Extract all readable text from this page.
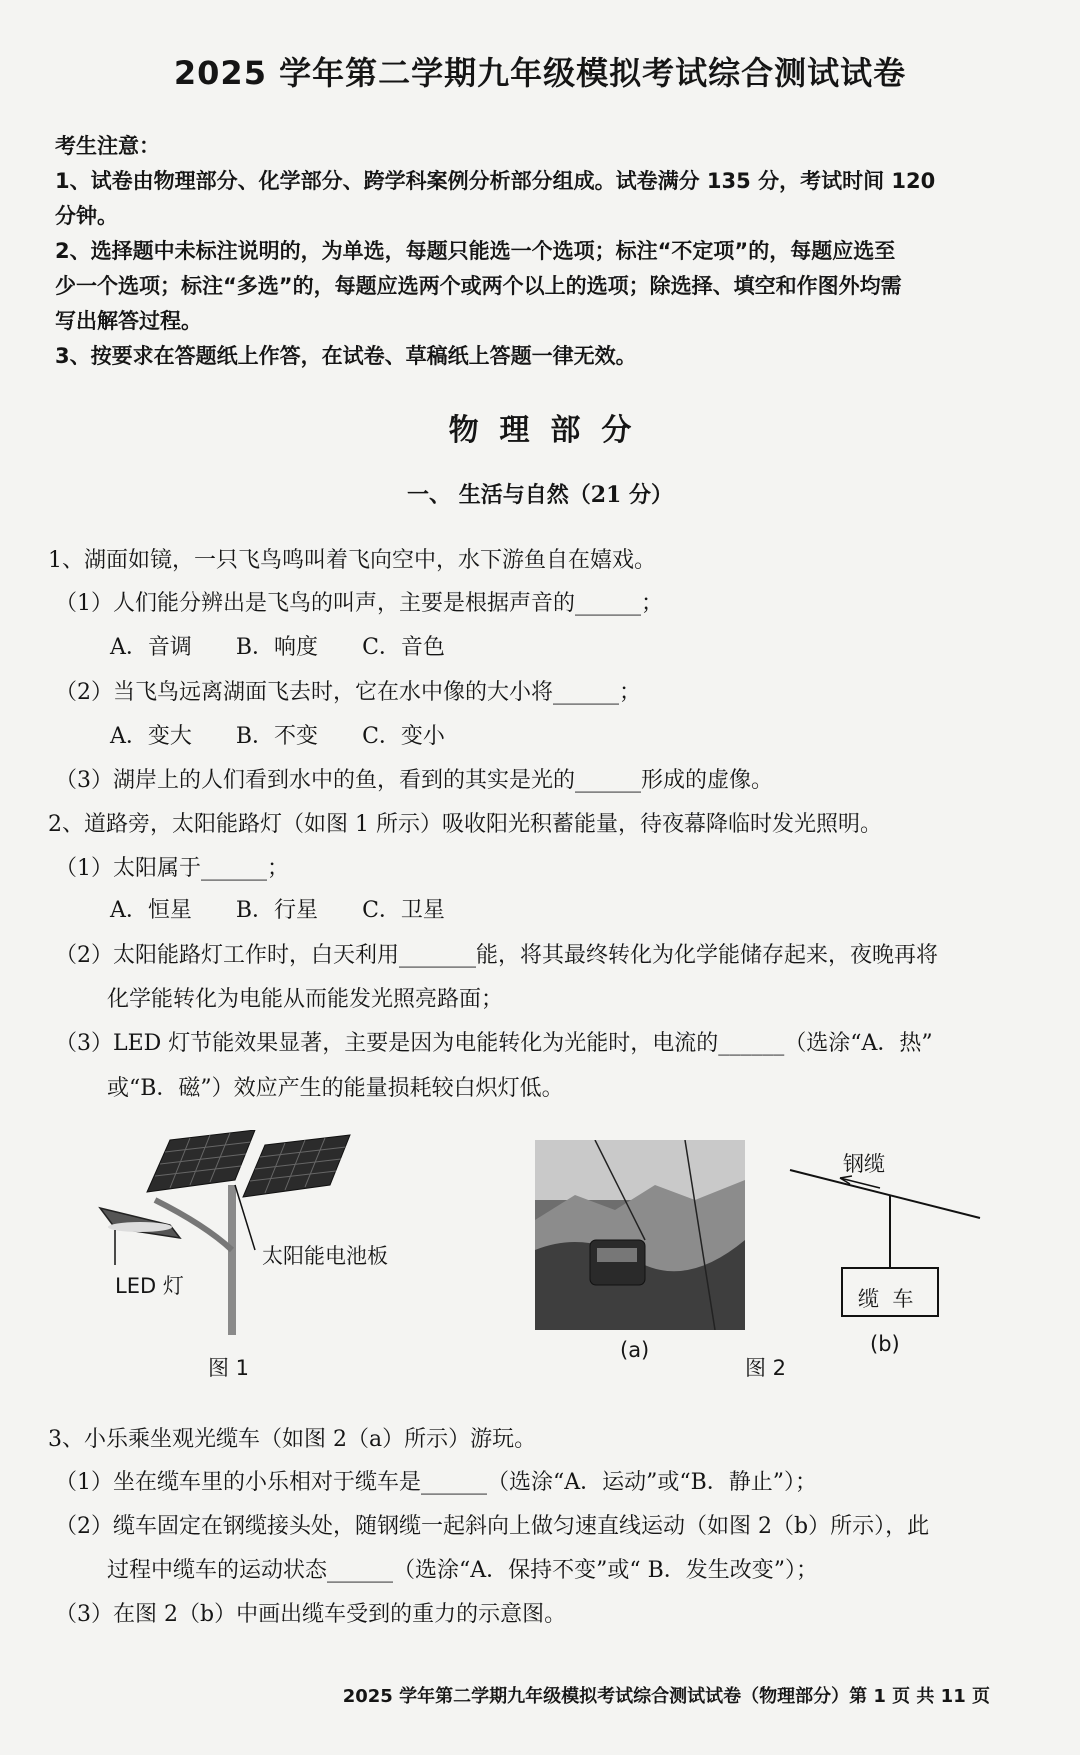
2025 学年第二学期九年级模拟考试综合测试试卷
考生注意：
1、试卷由物理部分、化学部分、跨学科案例分析部分组成。试卷满分 135 分，考试时间 120
分钟。
2、选择题中未标注说明的，为单选，每题只能选一个选项；标注“不定项”的，每题应选至
少一个选项；标注“多选”的，每题应选两个或两个以上的选项；除选择、填空和作图外均需
写出解答过程。
3、按要求在答题纸上作答，在试卷、草稿纸上答题一律无效。
物  理  部  分
一、 生活与自然（21 分）
1、湖面如镜，一只飞鸟鸣叫着飞向空中，水下游鱼自在嬉戏。
（1）人们能分辨出是飞鸟的叫声，主要是根据声音的______；
A．音调 B．响度 C．音色
（2）当飞鸟远离湖面飞去时，它在水中像的大小将______；
A．变大 B．不变 C．变小
（3）湖岸上的人们看到水中的鱼，看到的其实是光的______形成的虚像。
2、道路旁，太阳能路灯（如图 1 所示）吸收阳光积蓄能量，待夜幕降临时发光照明。
（1）太阳属于______；
A．恒星 B．行星 C．卫星
（2）太阳能路灯工作时，白天利用_______能，将其最终转化为化学能储存起来，夜晚再将
化学能转化为电能从而能发光照亮路面；
（3）LED 灯节能效果显著，主要是因为电能转化为光能时，电流的______（选涂“A．热”
或“B．磁”）效应产生的能量损耗较白炽灯低。
LED 灯
太阳能电池板
图 1
(a)
钢缆
缆  车
(b)
图 2
3、小乐乘坐观光缆车（如图 2（a）所示）游玩。
（1）坐在缆车里的小乐相对于缆车是______（选涂“A．运动”或“B．静止”）；
（2）缆车固定在钢缆接头处，随钢缆一起斜向上做匀速直线运动（如图 2（b）所示），此
过程中缆车的运动状态______（选涂“A．保持不变”或“ B．发生改变”）；
（3）在图 2（b）中画出缆车受到的重力的示意图。
2025 学年第二学期九年级模拟考试综合测试试卷（物理部分）第 1 页 共 11 页
